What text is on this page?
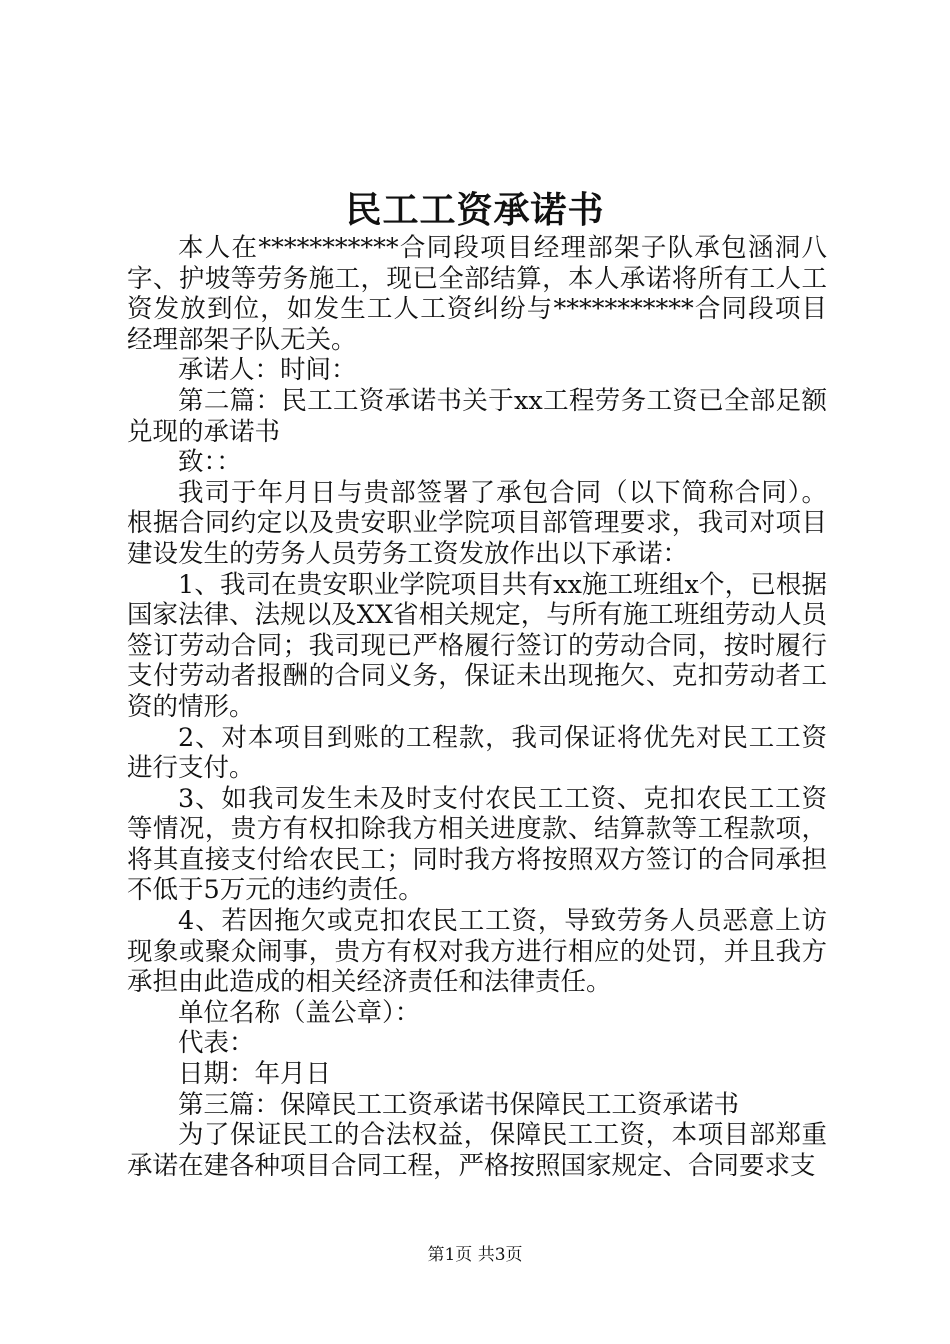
民工工资承诺书

本人在***********合同段项目经理部架子队承包涵洞八字、护坡等劳务施工，现已全部结算，本人承诺将所有工人工资发放到位，如发生工人工资纠纷与***********合同段项目经理部架子队无关。

承诺人：时间：

第二篇：民工工资承诺书关于xx工程劳务工资已全部足额兑现的承诺书

致：：

我司于年月日与贵部签署了承包合同（以下简称合同）。根据合同约定以及贵安职业学院项目部管理要求，我司对项目建设发生的劳务人员劳务工资发放作出以下承诺：

1、我司在贵安职业学院项目共有xx施工班组x个，已根据国家法律、法规以及XX省相关规定，与所有施工班组劳动人员签订劳动合同；我司现已严格履行签订的劳动合同，按时履行支付劳动者报酬的合同义务，保证未出现拖欠、克扣劳动者工资的情形。

2、对本项目到账的工程款，我司保证将优先对民工工资进行支付。

3、如我司发生未及时支付农民工工资、克扣农民工工资等情况，贵方有权扣除我方相关进度款、结算款等工程款项，将其直接支付给农民工；同时我方将按照双方签订的合同承担不低于5万元的违约责任。

4、若因拖欠或克扣农民工工资，导致劳务人员恶意上访现象或聚众闹事，贵方有权对我方进行相应的处罚，并且我方承担由此造成的相关经济责任和法律责任。

单位名称（盖公章）：

代表：

日期：年月日

第三篇：保障民工工资承诺书保障民工工资承诺书

为了保证民工的合法权益，保障民工工资，本项目部郑重承诺在建各种项目合同工程，严格按照国家规定、合同要求支

第1页 共3页
